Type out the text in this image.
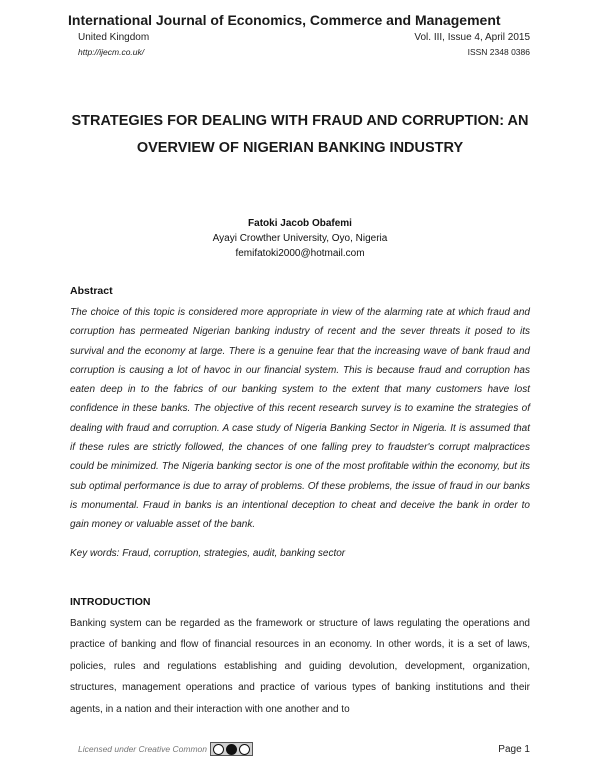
International Journal of Economics, Commerce and Management
United Kingdom	Vol. III, Issue 4, April 2015
http://ijecm.co.uk/	ISSN 2348 0386
STRATEGIES FOR DEALING WITH FRAUD AND CORRUPTION: AN OVERVIEW OF NIGERIAN BANKING INDUSTRY
Fatoki Jacob Obafemi
Ayayi Crowther University, Oyo, Nigeria
femifatoki2000@hotmail.com
Abstract
The choice of this topic is considered more appropriate in view of the alarming rate at which fraud and corruption has permeated Nigerian banking industry of recent and the sever threats it posed to its survival and the economy at large. There is a genuine fear that the increasing wave of bank fraud and corruption is causing a lot of havoc in our financial system. This is because fraud and corruption has eaten deep in to the fabrics of our banking system to the extent that many customers have lost confidence in these banks. The objective of this recent research survey is to examine the strategies of dealing with fraud and corruption. A case study of Nigeria Banking Sector in Nigeria. It is assumed that if these rules are strictly followed, the chances of one falling prey to fraudster's corrupt malpractices could be minimized. The Nigeria banking sector is one of the most profitable within the economy, but its sub optimal performance is due to array of problems. Of these problems, the issue of fraud in our banks is monumental. Fraud in banks is an intentional deception to cheat and deceive the bank in order to gain money or valuable asset of the bank.
Key words: Fraud, corruption, strategies, audit, banking sector
INTRODUCTION
Banking system can be regarded as the framework or structure of laws regulating the operations and practice of banking and flow of financial resources in an economy. In other words, it is a set of laws, policies, rules and regulations establishing and guiding devolution, development, organization, structures, management operations and practice of various types of banking institutions and their agents, in a nation and their interaction with one another and to
Licensed under Creative Common	Page 1
